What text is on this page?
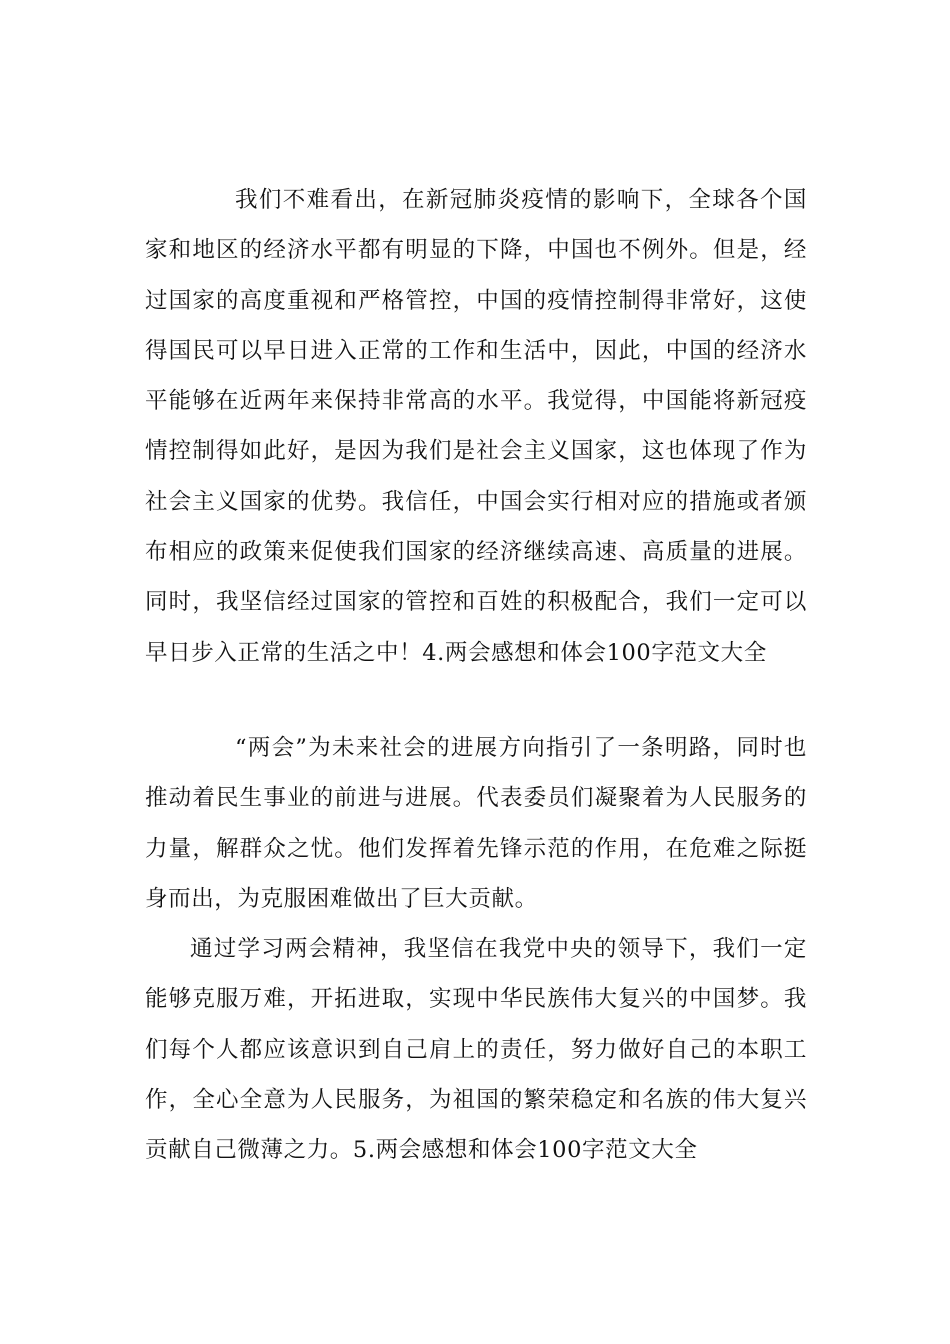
我们不难看出，在新冠肺炎疫情的影响下，全球各个国家和地区的经济水平都有明显的下降，中国也不例外。但是，经过国家的高度重视和严格管控，中国的疫情控制得非常好，这使得国民可以早日进入正常的工作和生活中，因此，中国的经济水平能够在近两年来保持非常高的水平。我觉得，中国能将新冠疫情控制得如此好，是因为我们是社会主义国家，这也体现了作为社会主义国家的优势。我信任，中国会实行相对应的措施或者颁布相应的政策来促使我们国家的经济继续高速、高质量的进展。同时，我坚信经过国家的管控和百姓的积极配合，我们一定可以早日步入正常的生活之中！4.两会感想和体会100字范文大全

“两会”为未来社会的进展方向指引了一条明路，同时也推动着民生事业的前进与进展。代表委员们凝聚着为人民服务的力量，解群众之忧。他们发挥着先锋示范的作用，在危难之际挺身而出，为克服困难做出了巨大贡献。

通过学习两会精神，我坚信在我党中央的领导下，我们一定能够克服万难，开拓进取，实现中华民族伟大复兴的中国梦。我们每个人都应该意识到自己肩上的责任，努力做好自己的本职工作，全心全意为人民服务，为祖国的繁荣稳定和名族的伟大复兴贡献自己微薄之力。5.两会感想和体会100字范文大全
